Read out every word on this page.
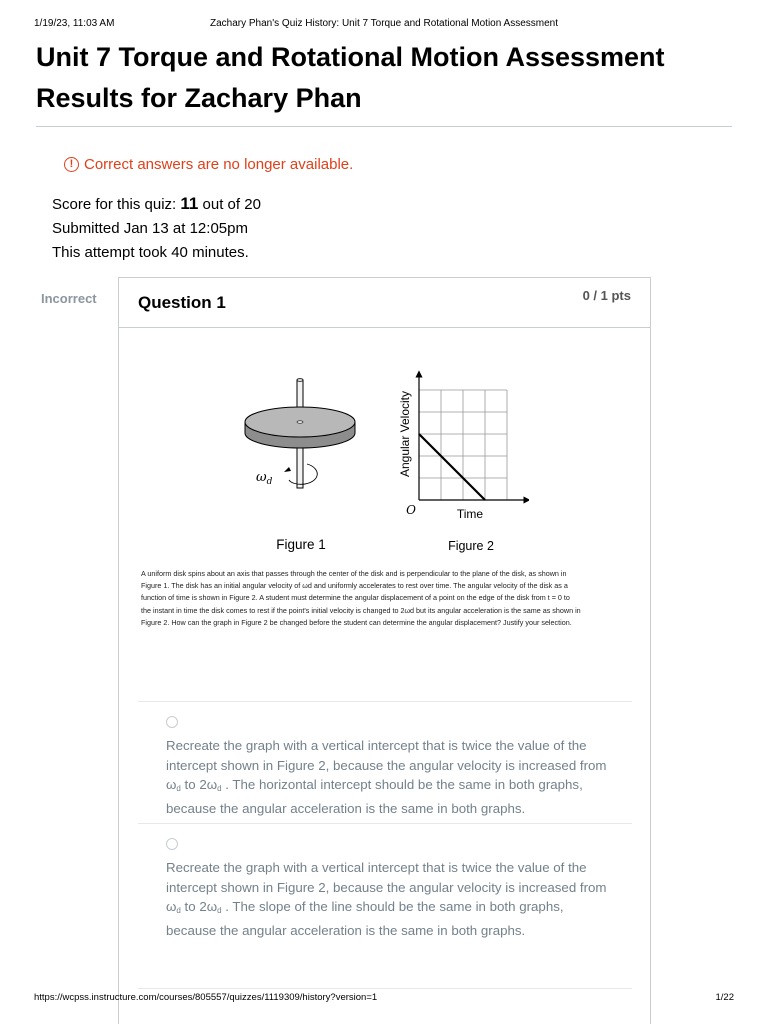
1/19/23, 11:03 AM	Zachary Phan's Quiz History: Unit 7 Torque and Rotational Motion Assessment
Unit 7 Torque and Rotational Motion Assessment
Results for Zachary Phan
! Correct answers are no longer available.
Score for this quiz: 11 out of 20
Submitted Jan 13 at 12:05pm
This attempt took 40 minutes.
Incorrect Question 1	0 / 1 pts
$\omega_d$
Figure 1
Angular Velocity
Time
O
Figure 2
A uniform disk spins about an axis that passes through the center of the disk and is perpendicular to the plane of the disk, as shown in
Figure 1. The disk has an initial angular velocity of ωd and uniformly accelerates to rest over time. The angular velocity of the disk as a
function of time is shown in Figure 2. A student must determine the angular displacement of a point on the edge of the disk from t = 0 to
the instant in time the disk comes to rest if the point's initial velocity is changed to 2ωd but its angular acceleration is the same as shown in
Figure 2. How can the graph in Figure 2 be changed before the student can determine the angular displacement? Justify your selection.
Recreate the graph with a vertical intercept that is twice the value of the
intercept shown in Figure 2, because the angular velocity is increased from
$\omega_d$ to $2\omega_d$ . The horizontal intercept should be the same in both graphs,
because the angular acceleration is the same in both graphs.
Recreate the graph with a vertical intercept that is twice the value of the
intercept shown in Figure 2, because the angular velocity is increased from
$\omega_d$ to $2\omega_d$ . The slope of the line should be the same in both graphs,
because the angular acceleration is the same in both graphs.
https://wcpss.instructure.com/courses/805557/quizzes/1119309/history?version=1	1/22
